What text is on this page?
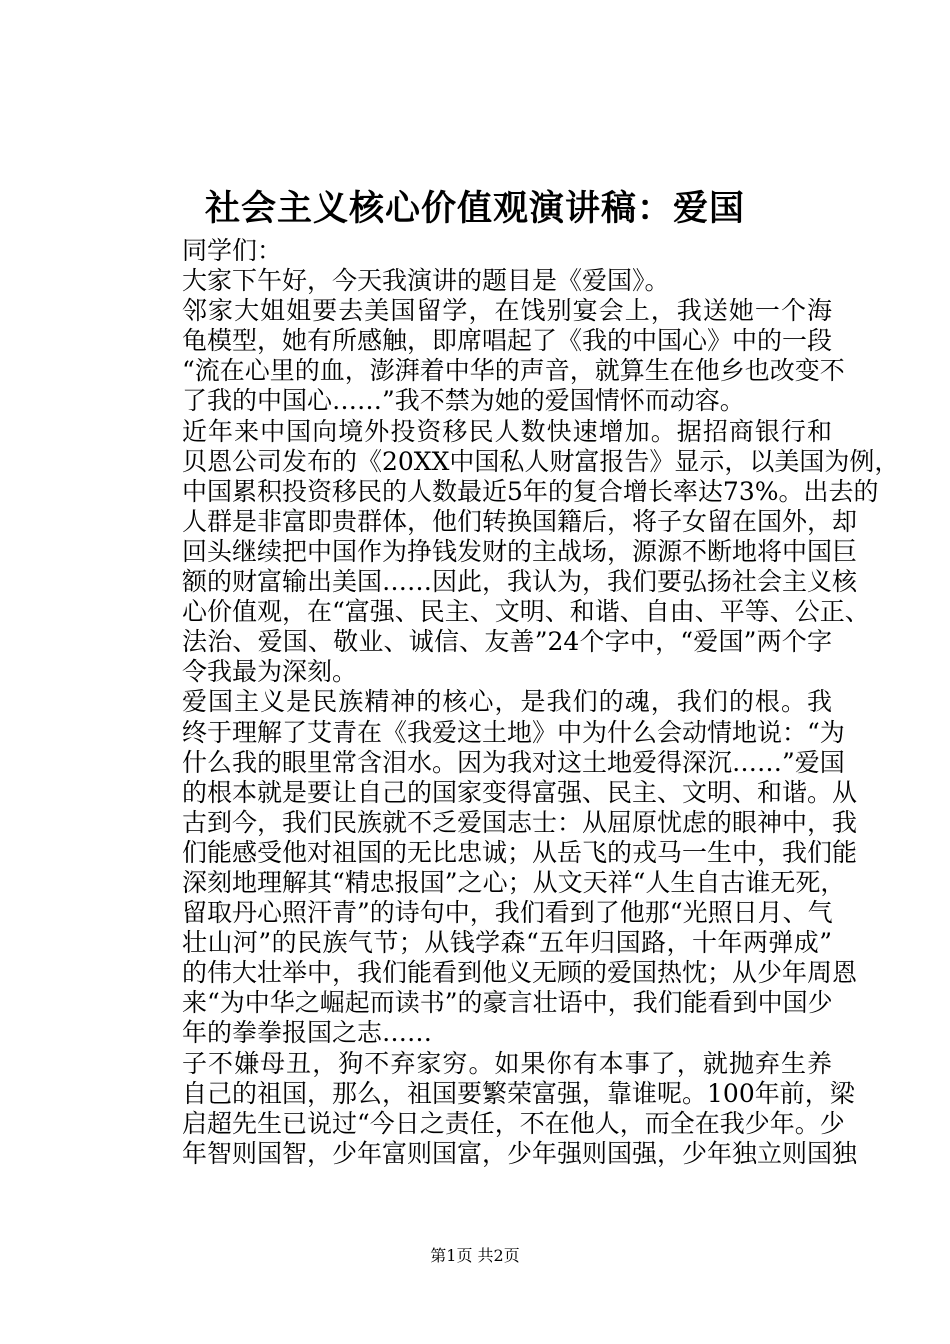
社会主义核心价值观演讲稿：爱国
同学们：
大家下午好，今天我演讲的题目是《爱国》。
邻家大姐姐要去美国留学，在饯别宴会上，我送她一个海
龟模型，她有所感触，即席唱起了《我的中国心》中的一段
“流在心里的血，澎湃着中华的声音，就算生在他乡也改变不
了我的中国心……”我不禁为她的爱国情怀而动容。
近年来中国向境外投资移民人数快速增加。据招商银行和
贝恩公司发布的《20XX中国私人财富报告》显示，以美国为例，
中国累积投资移民的人数最近5年的复合增长率达73%。出去的
人群是非富即贵群体，他们转换国籍后，将子女留在国外，却
回头继续把中国作为挣钱发财的主战场，源源不断地将中国巨
额的财富输出美国……因此，我认为，我们要弘扬社会主义核
心价值观，在“富强、民主、文明、和谐、自由、平等、公正、
法治、爱国、敬业、诚信、友善”24个字中，“爱国”两个字
令我最为深刻。
爱国主义是民族精神的核心，是我们的魂，我们的根。我
终于理解了艾青在《我爱这土地》中为什么会动情地说：“为
什么我的眼里常含泪水。因为我对这土地爱得深沉……”爱国
的根本就是要让自己的国家变得富强、民主、文明、和谐。从
古到今，我们民族就不乏爱国志士：从屈原忧虑的眼神中，我
们能感受他对祖国的无比忠诚；从岳飞的戎马一生中，我们能
深刻地理解其“精忠报国”之心；从文天祥“人生自古谁无死，
留取丹心照汗青”的诗句中，我们看到了他那“光照日月、气
壮山河”的民族气节；从钱学森“五年归国路，十年两弹成”
的伟大壮举中，我们能看到他义无顾的爱国热忱；从少年周恩
来“为中华之崛起而读书”的豪言壮语中，我们能看到中国少
年的拳拳报国之志……
子不嫌母丑，狗不弃家穷。如果你有本事了，就抛弃生养
自己的祖国，那么，祖国要繁荣富强，靠谁呢。100年前，梁
启超先生已说过“今日之责任，不在他人，而全在我少年。少
年智则国智，少年富则国富，少年强则国强，少年独立则国独
第1页 共2页
